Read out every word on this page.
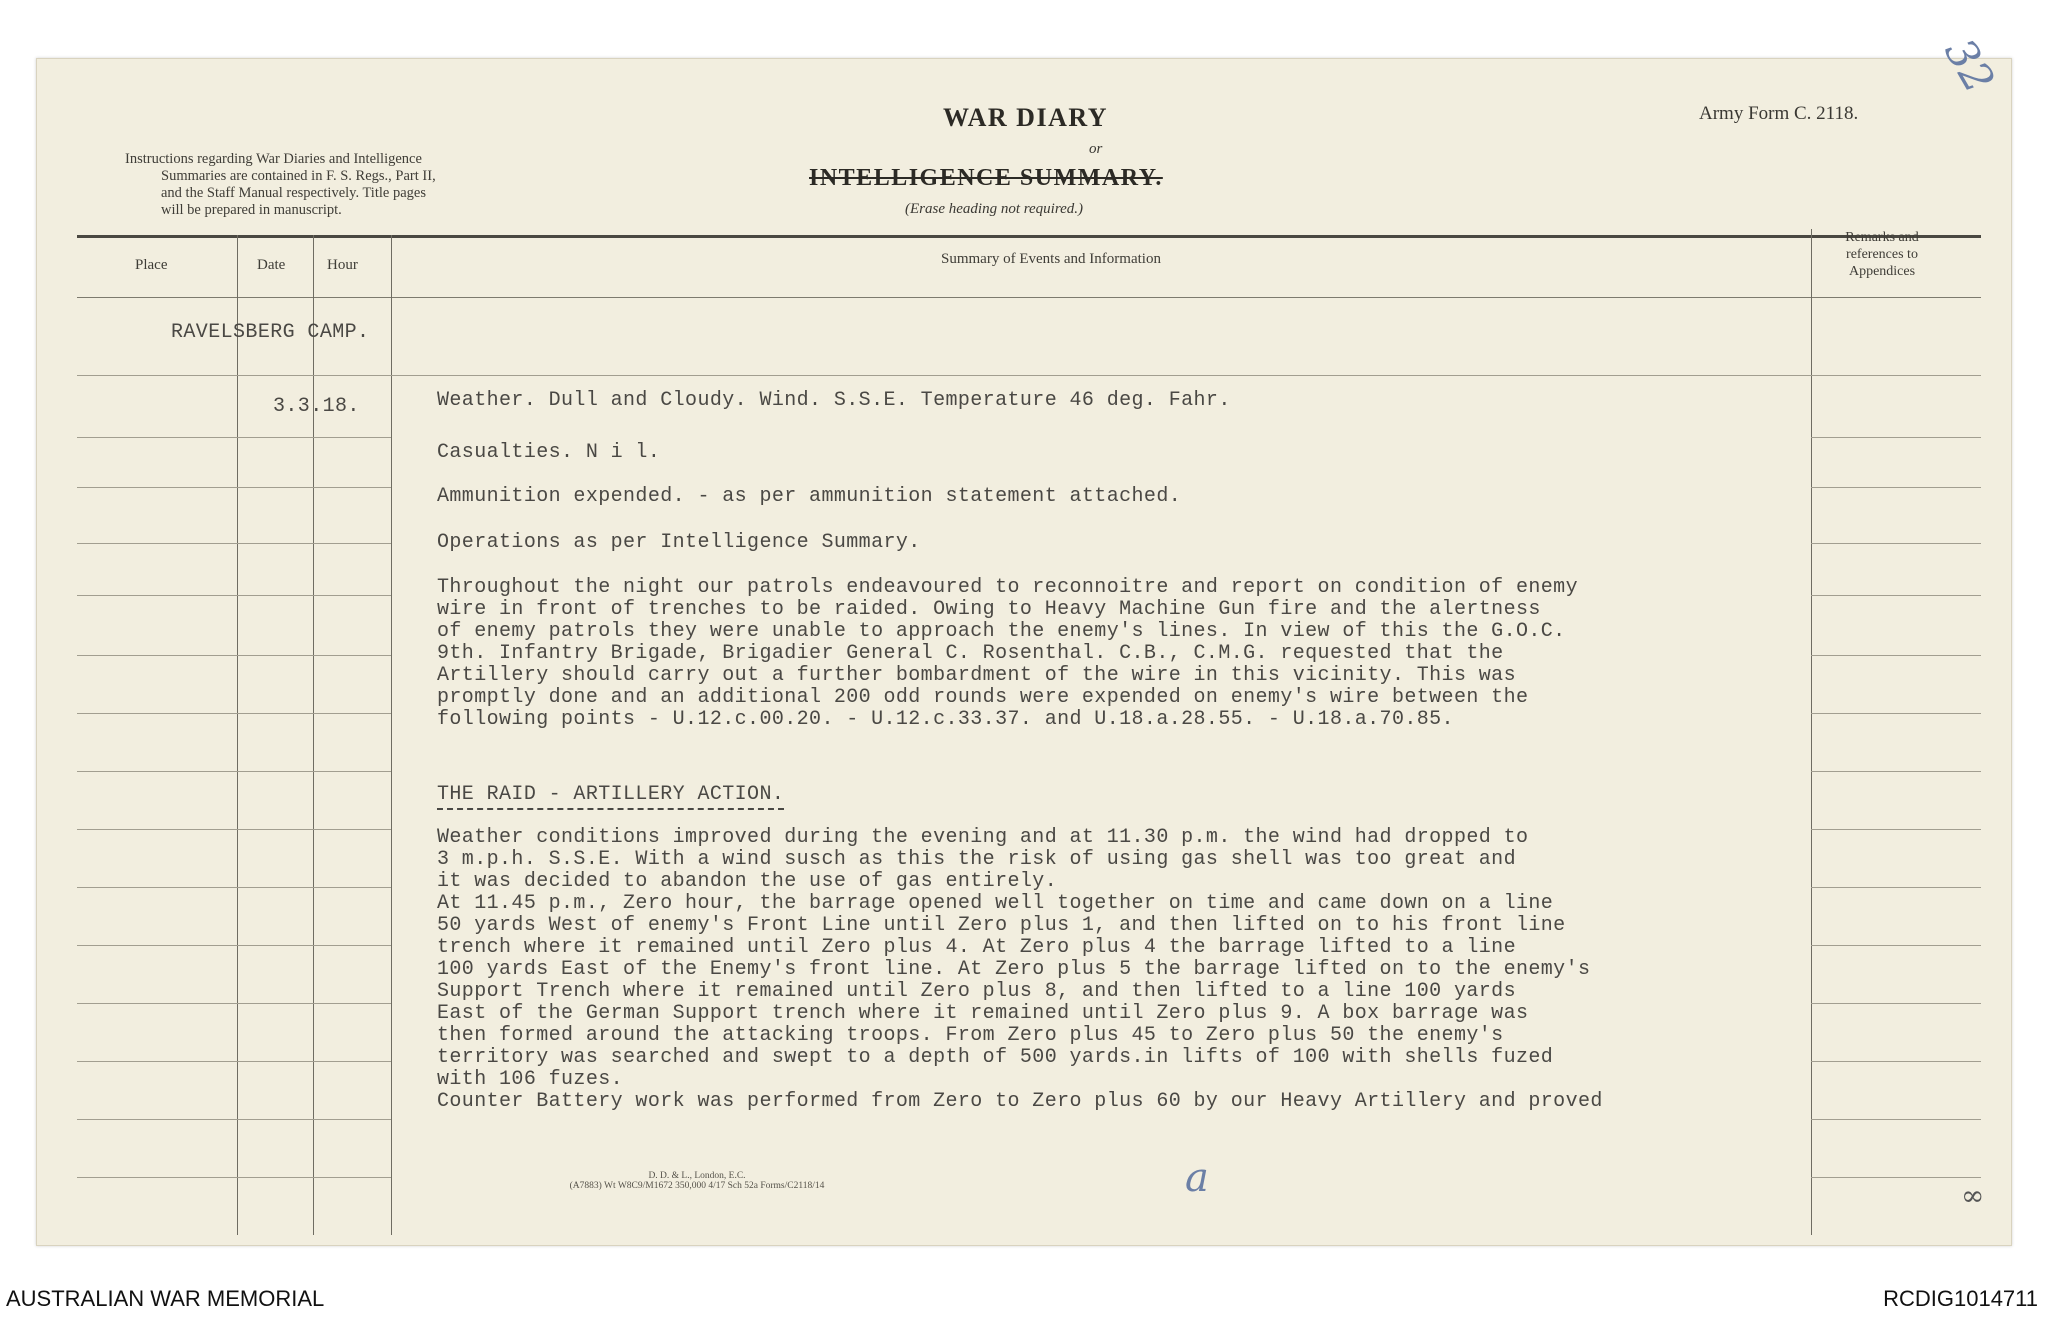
Instructions regarding War Diaries and Intelligence
Summaries are contained in F. S. Regs., Part II,
and the Staff Manual respectively. Title pages
will be prepared in manuscript.
WAR DIARY
or
INTELLIGENCE SUMMARY.
(Erase heading not required.)
Army Form C. 2118.
32
Place	Date	Hour	Summary of Events and Information
Remarks and
references to
Appendices
RAVELSBERG CAMP.
3.3.18.	Weather. Dull and Cloudy. Wind. S.S.E. Temperature 46 deg. Fahr.
Casualties. N i l.
Ammunition expended. - as per ammunition statement attached.
Operations as per Intelligence Summary.
Throughout the night our patrols endeavoured to reconnoitre and report on condition of enemy
wire in front of trenches to be raided. Owing to Heavy Machine Gun fire and the alertness
of enemy patrols they were unable to approach the enemy's lines. In view of this the G.O.C.
9th. Infantry Brigade, Brigadier General C. Rosenthal. C.B., C.M.G. requested that the
Artillery should carry out a further bombardment of the wire in this vicinity. This was
promptly done and an additional 200 odd rounds were expended on enemy's wire between the
following points - U.12.c.00.20. - U.12.c.33.37. and U.18.a.28.55. - U.18.a.70.85.
THE RAID - ARTILLERY ACTION.
Weather conditions improved during the evening and at 11.30 p.m. the wind had dropped to
3 m.p.h. S.S.E. With a wind susch as this the risk of using gas shell was too great and
it was decided to abandon the use of gas entirely.
At 11.45 p.m., Zero hour, the barrage opened well together on time and came down on a line
50 yards West of enemy's Front Line until Zero plus 1, and then lifted on to his front line
trench where it remained until Zero plus 4. At Zero plus 4 the barrage lifted to a line
100 yards East of the Enemy's front line. At Zero plus 5 the barrage lifted on to the enemy's
Support Trench where it remained until Zero plus 8, and then lifted to a line 100 yards
East of the German Support trench where it remained until Zero plus 9. A box barrage was
then formed around the attacking troops. From Zero plus 45 to Zero plus 50 the enemy's
territory was searched and swept to a depth of 500 yards.in lifts of 100 with shells fuzed
with 106 fuzes.
Counter Battery work was performed from Zero to Zero plus 60 by our Heavy Artillery and proved
D. D. & L., London, E.C.
(A7883) Wt W8C9/M1672 350,000 4/17 Sch 52a Forms/C2118/14	a	∞
AUSTRALIAN WAR MEMORIAL	RCDIG1014711
